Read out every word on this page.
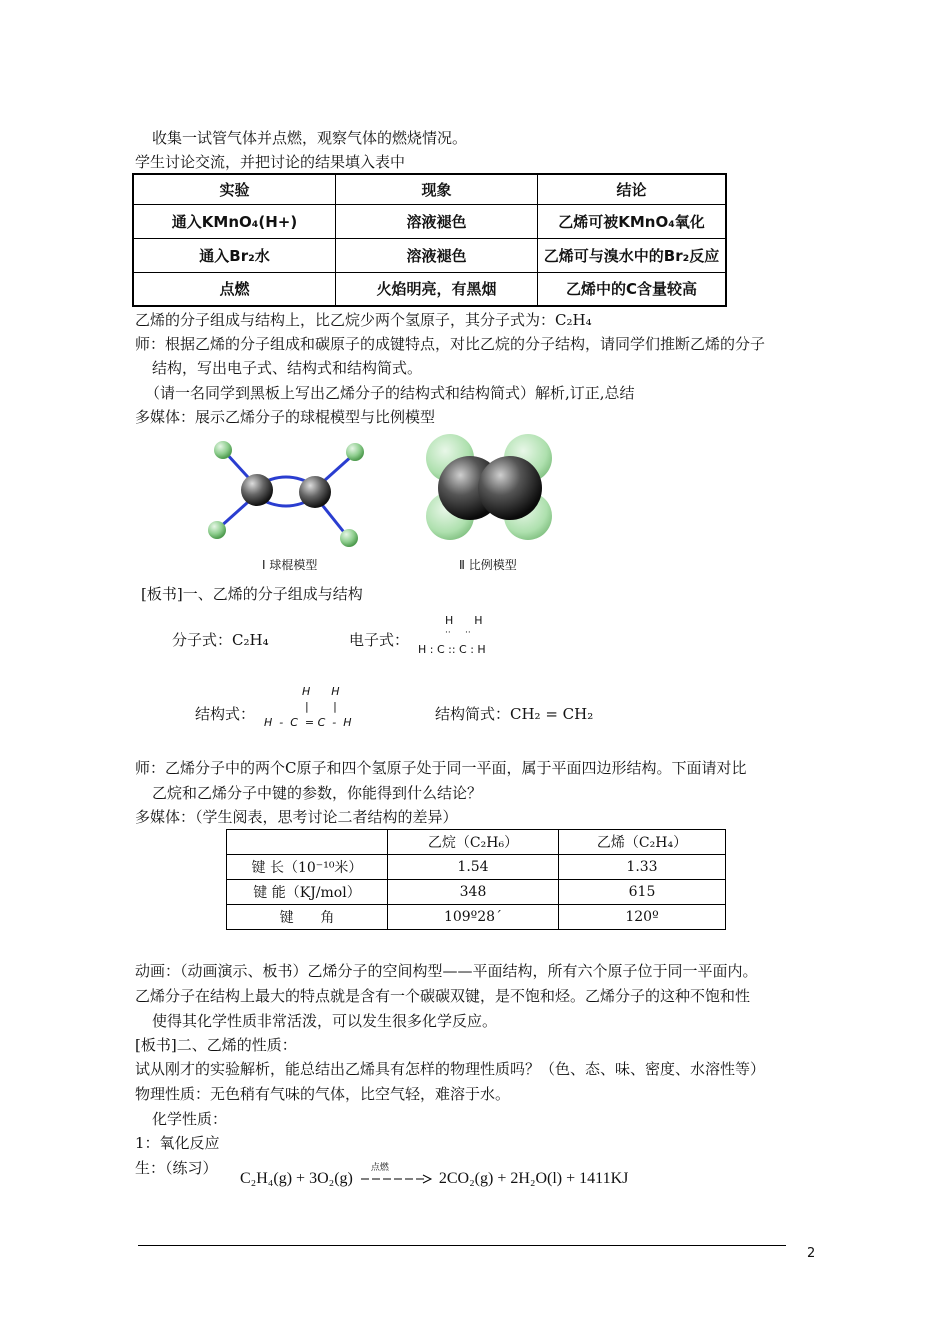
收集一试管气体并点燃，观察气体的燃烧情况。
学生讨论交流，并把讨论的结果填入表中
实验	现象	结论
通入KMnO₄(H+)	溶液褪色	乙烯可被KMnO₄氧化
通入Br₂水	溶液褪色	乙烯可与溴水中的Br₂反应
点燃	火焰明亮，有黑烟	乙烯中的C含量较高
乙烯的分子组成与结构上，比乙烷少两个氢原子，其分子式为：C₂H₄
师：根据乙烯的分子组成和碳原子的成键特点，对比乙烷的分子结构，请同学们推断乙烯的分子
结构，写出电子式、结构式和结构简式。
（请一名同学到黑板上写出乙烯分子的结构式和结构简式）解析,订正,总结
多媒体：展示乙烯分子的球棍模型与比例模型
Ⅰ 球棍模型	Ⅱ 比例模型
[板书]一、乙烯的分子组成与结构
分子式：C₂H₄	电子式：
H      H
··     ··
H : C :: C : H
结构式：
H      H
|       |
H  -  C  = C  -  H	结构简式：CH₂ = CH₂
师：乙烯分子中的两个C原子和四个氢原子处于同一平面，属于平面四边形结构。下面请对比
乙烷和乙烯分子中键的参数，你能得到什么结论？
多媒体：（学生阅表，思考讨论二者结构的差异）
	乙烷（C₂H₆）	乙烯（C₂H₄）
键 长（10⁻¹⁰米）	1.54	1.33
键 能（KJ/mol）	348	615
键      角	109º28´	120º
动画：（动画演示、板书）乙烯分子的空间构型——平面结构，所有六个原子位于同一平面内。
乙烯分子在结构上最大的特点就是含有一个碳碳双键，是不饱和烃。乙烯分子的这种不饱和性
使得其化学性质非常活泼，可以发生很多化学反应。
[板书]二、乙烯的性质：
试从刚才的实验解析，能总结出乙烯具有怎样的物理性质吗？（色、态、味、密度、水溶性等）
物理性质：无色稍有气味的气体，比空气轻，难溶于水。
化学性质：
1：氧化反应
生：（练习）
C₂H₄(g) + 3O₂(g)
点燃
2CO₂(g) + 2H₂O(l) + 1411KJ
2
